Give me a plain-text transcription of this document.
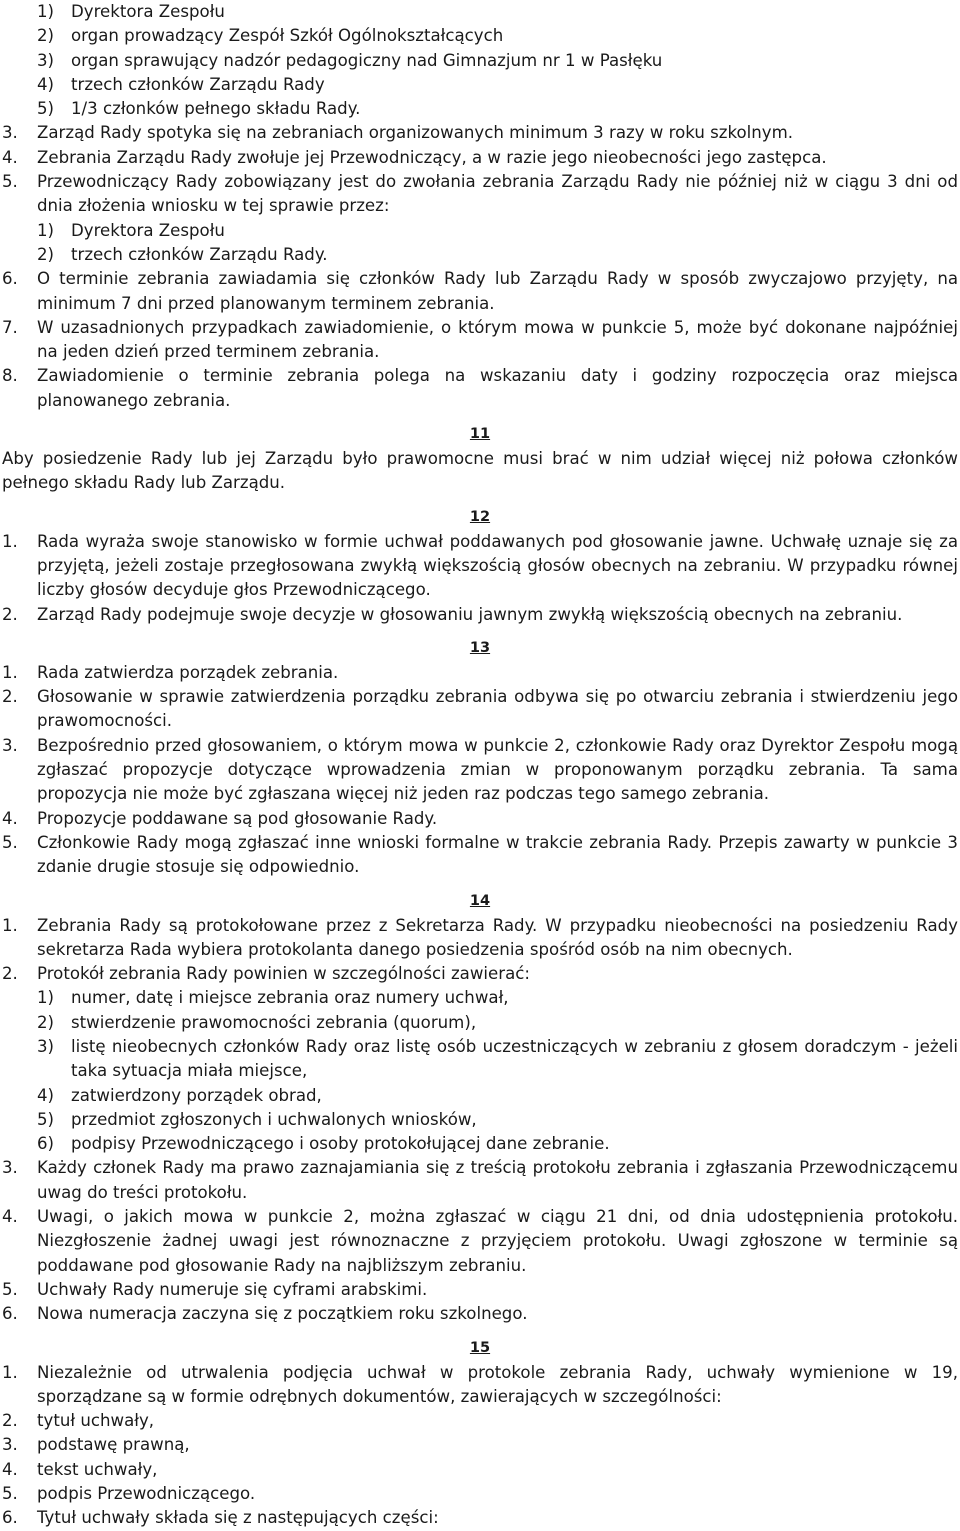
1) Dyrektora Zespołu
2) organ prowadzący Zespół Szkół Ogólnokształcących
3) organ sprawujący nadzór pedagogiczny nad Gimnazjum nr 1 w Pasłęku
4) trzech członków Zarządu Rady
5) 1/3 członków pełnego składu Rady.
3. Zarząd Rady spotyka się na zebraniach organizowanych minimum 3 razy w roku szkolnym.
4. Zebrania Zarządu Rady zwołuje jej Przewodniczący, a w razie jego nieobecności jego zastępca.
5. Przewodniczący Rady zobowiązany jest do zwołania zebrania Zarządu Rady nie później niż w ciągu 3 dni od dnia złożenia wniosku w tej sprawie przez:
1) Dyrektora Zespołu
2) trzech członków Zarządu Rady.
6. O terminie zebrania zawiadamia się członków Rady lub Zarządu Rady w sposób zwyczajowo przyjęty, na minimum 7 dni przed planowanym terminem zebrania.
7. W uzasadnionych przypadkach zawiadomienie, o którym mowa w punkcie 5, może być dokonane najpóźniej na jeden dzień przed terminem zebrania.
8. Zawiadomienie o terminie zebrania polega na wskazaniu daty i godziny rozpoczęcia oraz miejsca planowanego zebrania.
11
Aby posiedzenie Rady lub jej Zarządu było prawomocne musi brać w nim udział więcej niż połowa członków pełnego składu Rady lub Zarządu.
12
1. Rada wyraża swoje stanowisko w formie uchwał poddawanych pod głosowanie jawne. Uchwałę uznaje się za przyjętą, jeżeli zostaje przegłosowana zwykłą większością głosów obecnych na zebraniu. W przypadku równej liczby głosów decyduje głos Przewodniczącego.
2. Zarząd Rady podejmuje swoje decyzje w głosowaniu jawnym zwykłą większością obecnych na zebraniu.
13
1. Rada zatwierdza porządek zebrania.
2. Głosowanie w sprawie zatwierdzenia porządku zebrania odbywa się po otwarciu zebrania i stwierdzeniu jego prawomocności.
3. Bezpośrednio przed głosowaniem, o którym mowa w punkcie 2, członkowie Rady oraz Dyrektor Zespołu mogą zgłaszać propozycje dotyczące wprowadzenia zmian w proponowanym porządku zebrania. Ta sama propozycja nie może być zgłaszana więcej niż jeden raz podczas tego samego zebrania.
4. Propozycje poddawane są pod głosowanie Rady.
5. Członkowie Rady mogą zgłaszać inne wnioski formalne w trakcie zebrania Rady. Przepis zawarty w punkcie 3 zdanie drugie stosuje się odpowiednio.
14
1. Zebrania Rady są protokołowane przez z Sekretarza Rady. W przypadku nieobecności na posiedzeniu Rady sekretarza Rada wybiera protokolanta danego posiedzenia spośród osób na nim obecnych.
2. Protokół zebrania Rady powinien w szczególności zawierać:
1) numer, datę i miejsce zebrania oraz numery uchwał,
2) stwierdzenie prawomocności zebrania (quorum),
3) listę nieobecnych członków Rady oraz listę osób uczestniczących w zebraniu z głosem doradczym - jeżeli taka sytuacja miała miejsce,
4) zatwierdzony porządek obrad,
5) przedmiot zgłoszonych i uchwalonych wniosków,
6) podpisy Przewodniczącego i osoby protokołującej dane zebranie.
3. Każdy członek Rady ma prawo zaznajamiania się z treścią protokołu zebrania i zgłaszania Przewodniczącemu uwag do treści protokołu.
4. Uwagi, o jakich mowa w punkcie 2, można zgłaszać w ciągu 21 dni, od dnia udostępnienia protokołu. Niezgłoszenie żadnej uwagi jest równoznaczne z przyjęciem protokołu. Uwagi zgłoszone w terminie są poddawane pod głosowanie Rady na najbliższym zebraniu.
5. Uchwały Rady numeruje się cyframi arabskimi.
6. Nowa numeracja zaczyna się z początkiem roku szkolnego.
15
1. Niezależnie od utrwalenia podjęcia uchwał w protokole zebrania Rady, uchwały wymienione w 19, sporządzane są w formie odrębnych dokumentów, zawierających w szczególności:
2. tytuł uchwały,
3. podstawę prawną,
4. tekst uchwały,
5. podpis Przewodniczącego.
6. Tytuł uchwały składa się z następujących części:
